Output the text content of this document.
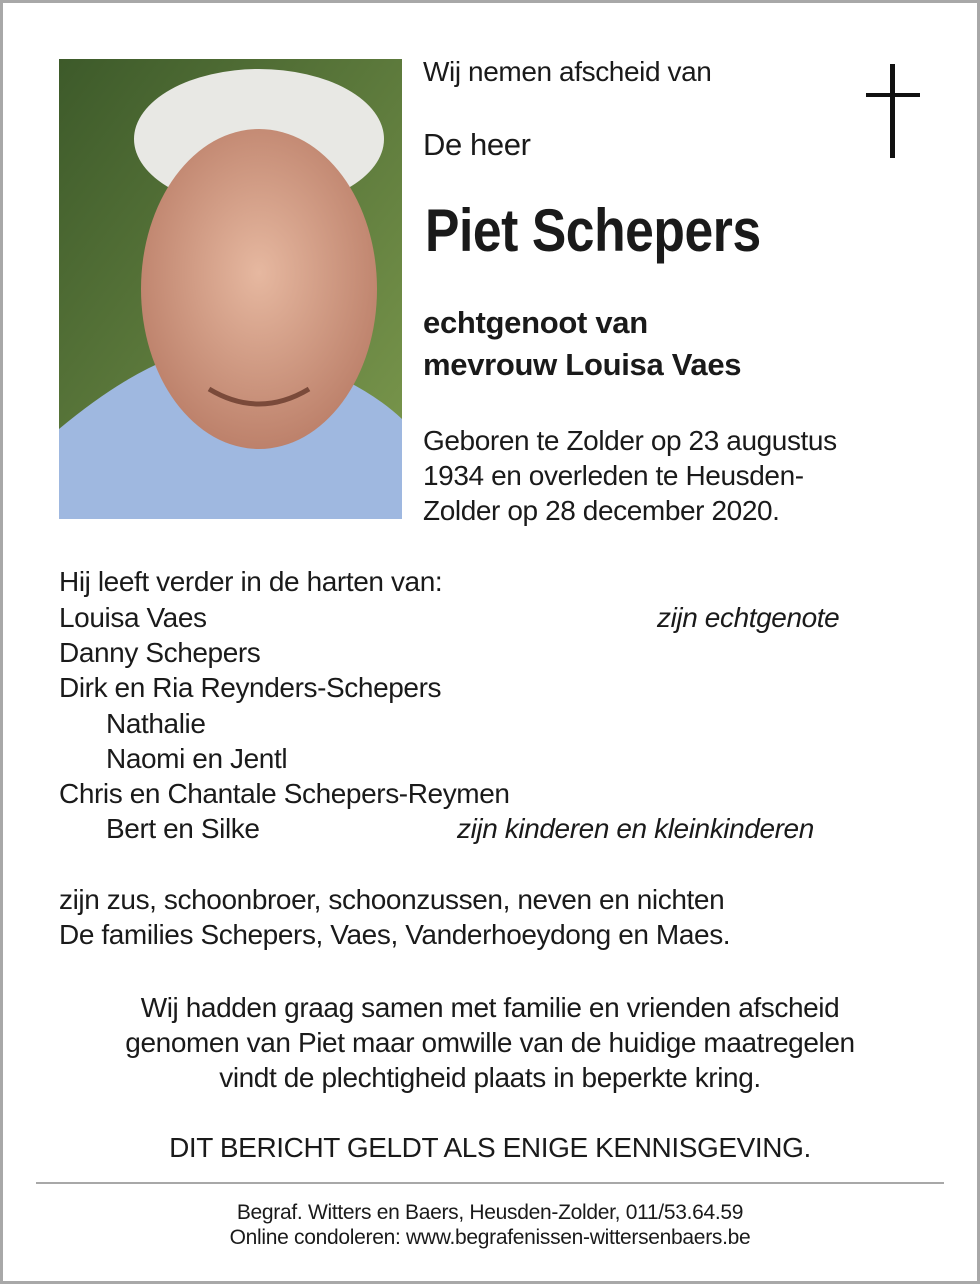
Wij nemen afscheid van
De heer
Piet Schepers
echtgenoot van
mevrouw Louisa Vaes
Geboren te Zolder op 23 augustus
1934 en overleden te Heusden-
Zolder op 28 december 2020.
Hij leeft verder in de harten van:
Louisa Vaes	zijn echtgenote
Danny Schepers
Dirk en Ria Reynders-Schepers
Nathalie
Naomi en Jentl
Chris en Chantale Schepers-Reymen
Bert en Silke	zijn kinderen en kleinkinderen
zijn zus, schoonbroer, schoonzussen, neven en nichten
De families Schepers, Vaes, Vanderhoeydong en Maes.
Wij hadden graag samen met familie en vrienden afscheid
genomen van Piet maar omwille van de huidige maatregelen
vindt de plechtigheid plaats in beperkte kring.
DIT BERICHT GELDT ALS ENIGE KENNISGEVING.
Begraf. Witters en Baers, Heusden-Zolder, 011/53.64.59
Online condoleren: www.begrafenissen-wittersenbaers.be
